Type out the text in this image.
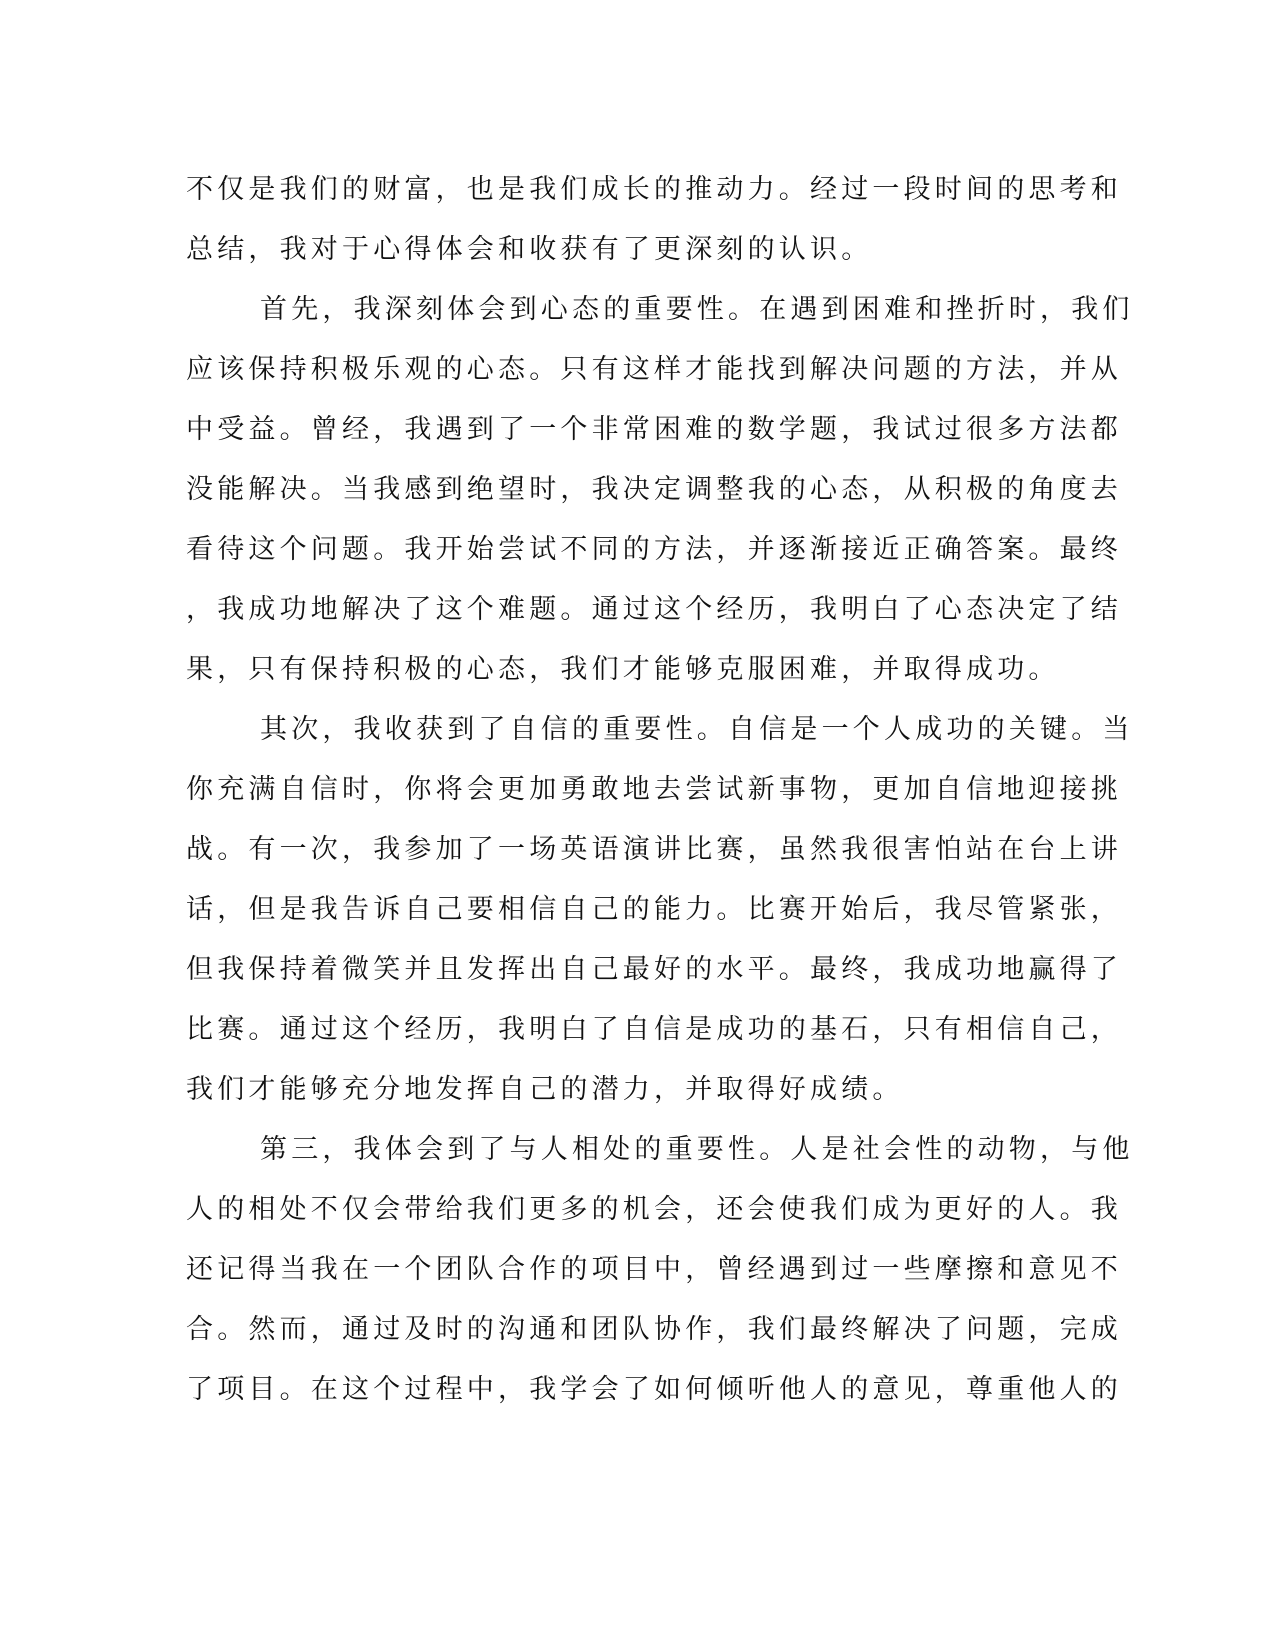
不仅是我们的财富，也是我们成长的推动力。经过一段时间的思考和
总结，我对于心得体会和收获有了更深刻的认识。
首先，我深刻体会到心态的重要性。在遇到困难和挫折时，我们
应该保持积极乐观的心态。只有这样才能找到解决问题的方法，并从
中受益。曾经，我遇到了一个非常困难的数学题，我试过很多方法都
没能解决。当我感到绝望时，我决定调整我的心态，从积极的角度去
看待这个问题。我开始尝试不同的方法，并逐渐接近正确答案。最终
，我成功地解决了这个难题。通过这个经历，我明白了心态决定了结
果，只有保持积极的心态，我们才能够克服困难，并取得成功。
其次，我收获到了自信的重要性。自信是一个人成功的关键。当
你充满自信时，你将会更加勇敢地去尝试新事物，更加自信地迎接挑
战。有一次，我参加了一场英语演讲比赛，虽然我很害怕站在台上讲
话，但是我告诉自己要相信自己的能力。比赛开始后，我尽管紧张，
但我保持着微笑并且发挥出自己最好的水平。最终，我成功地赢得了
比赛。通过这个经历，我明白了自信是成功的基石，只有相信自己，
我们才能够充分地发挥自己的潜力，并取得好成绩。
第三，我体会到了与人相处的重要性。人是社会性的动物，与他
人的相处不仅会带给我们更多的机会，还会使我们成为更好的人。我
还记得当我在一个团队合作的项目中，曾经遇到过一些摩擦和意见不
合。然而，通过及时的沟通和团队协作，我们最终解决了问题，完成
了项目。在这个过程中，我学会了如何倾听他人的意见，尊重他人的
